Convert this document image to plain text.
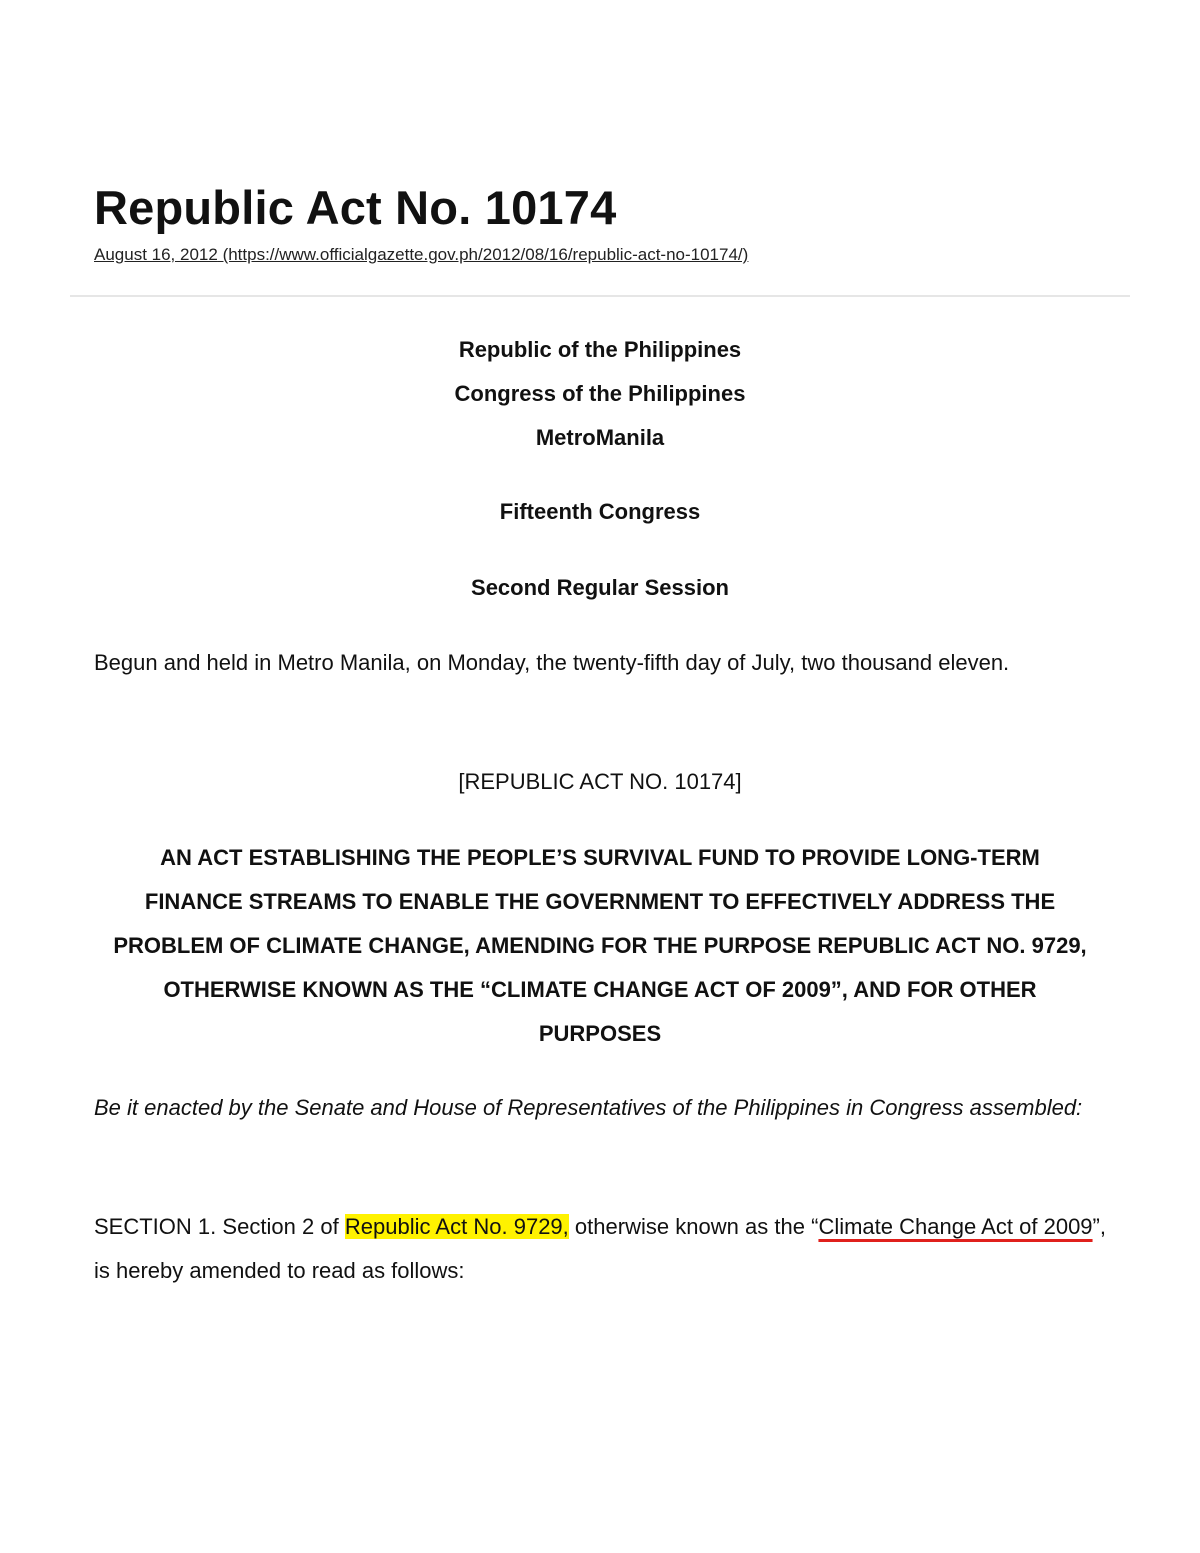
Republic Act No. 10174
August 16, 2012 (https://www.officialgazette.gov.ph/2012/08/16/republic-act-no-10174/)
Republic of the Philippines
Congress of the Philippines
MetroManila
Fifteenth Congress
Second Regular Session
Begun and held in Metro Manila, on Monday, the twenty-fifth day of July, two thousand eleven.
[REPUBLIC ACT NO. 10174]
AN ACT ESTABLISHING THE PEOPLE’S SURVIVAL FUND TO PROVIDE LONG-TERM FINANCE STREAMS TO ENABLE THE GOVERNMENT TO EFFECTIVELY ADDRESS THE PROBLEM OF CLIMATE CHANGE, AMENDING FOR THE PURPOSE REPUBLIC ACT NO. 9729, OTHERWISE KNOWN AS THE “CLIMATE CHANGE ACT OF 2009”, AND FOR OTHER PURPOSES
Be it enacted by the Senate and House of Representatives of the Philippines in Congress assembled:
SECTION 1. Section 2 of Republic Act No. 9729, otherwise known as the “Climate Change Act of 2009”, is hereby amended to read as follows:
